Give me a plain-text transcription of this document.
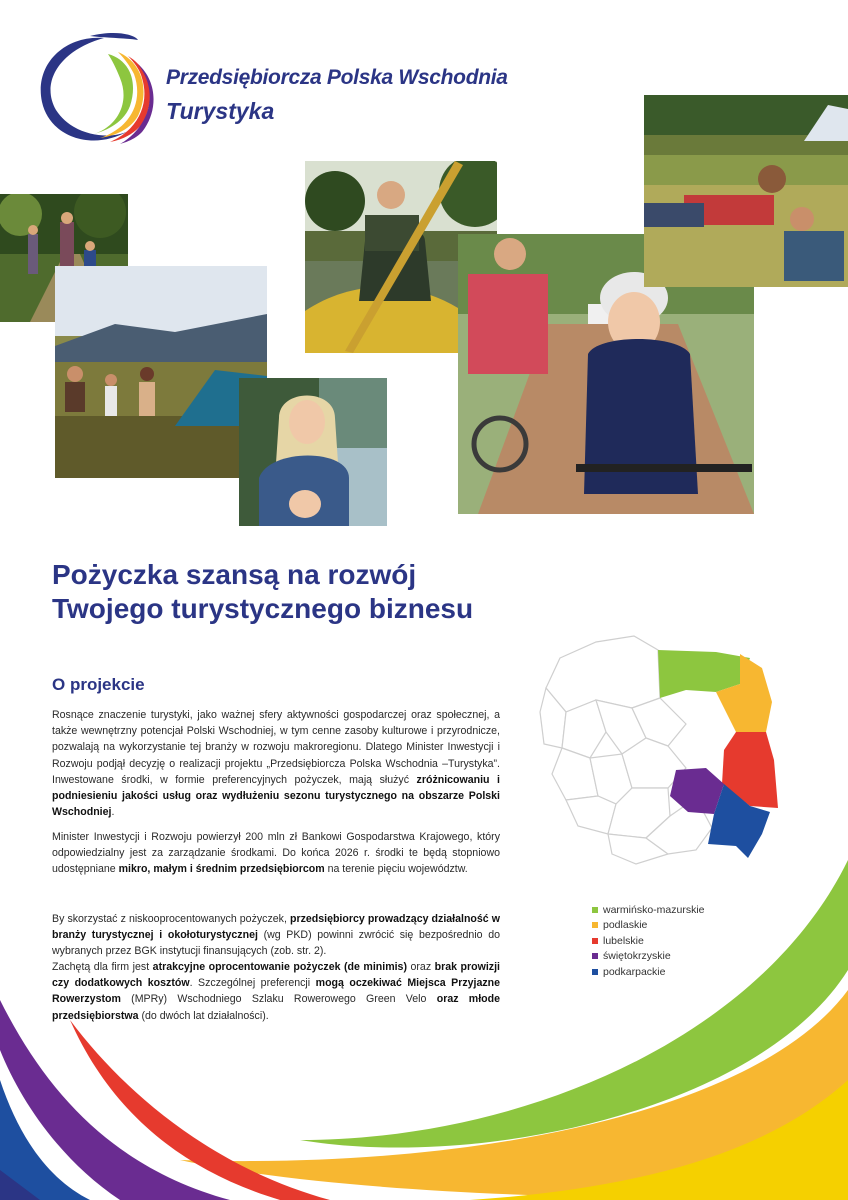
Przedsiębiorcza Polska Wschodnia
Turystyka
Pożyczka szansą na rozwój Twojego turystycznego biznesu
O projekcie

Rosnące znaczenie turystyki, jako ważnej sfery aktywności gospodarczej oraz społecznej, a także wewnętrzny potencjał Polski Wschodniej, w tym cenne zasoby kulturowe i przyrodnicze, pozwalają na wykorzystanie tej branży w rozwoju makroregionu. Dlatego Minister Inwestycji i Rozwoju podjął decyzję o realizacji projektu „Przedsiębiorcza Polska Wschodnia –Turystyka”. Inwestowane środki, w formie preferencyjnych pożyczek, mają służyć zróżnicowaniu i podniesieniu jakości usług oraz wydłużeniu sezonu turystycznego na obszarze Polski Wschodniej.

Minister Inwestycji i Rozwoju powierzył 200 mln zł Bankowi Gospodarstwa Krajowego, który odpowiedzialny jest za zarządzanie środkami. Do końca 2026 r. środki te będą stopniowo udostępniane mikro, małym i średnim przedsiębiorcom na terenie pięciu województw.

By skorzystać z niskooprocentowanych pożyczek, przedsiębiorcy prowadzący działalność w branży turystycznej i okołoturystycznej (wg PKD) powinni zwrócić się bezpośrednio do wybranych przez BGK instytucji finansujących (zob. str. 2).

Zachętą dla firm jest atrakcyjne oprocentowanie pożyczek (de minimis) oraz brak prowizji czy dodatkowych kosztów. Szczególnej preferencji mogą oczekiwać Miejsca Przyjazne Rowerzystom (MPRy) Wschodniego Szlaku Rowerowego Green Velo oraz młode przedsiębiorstwa (do dwóch lat działalności).

warmińsko-mazurskie
podlaskie
lubelskie
świętokrzyskie
podkarpackie
